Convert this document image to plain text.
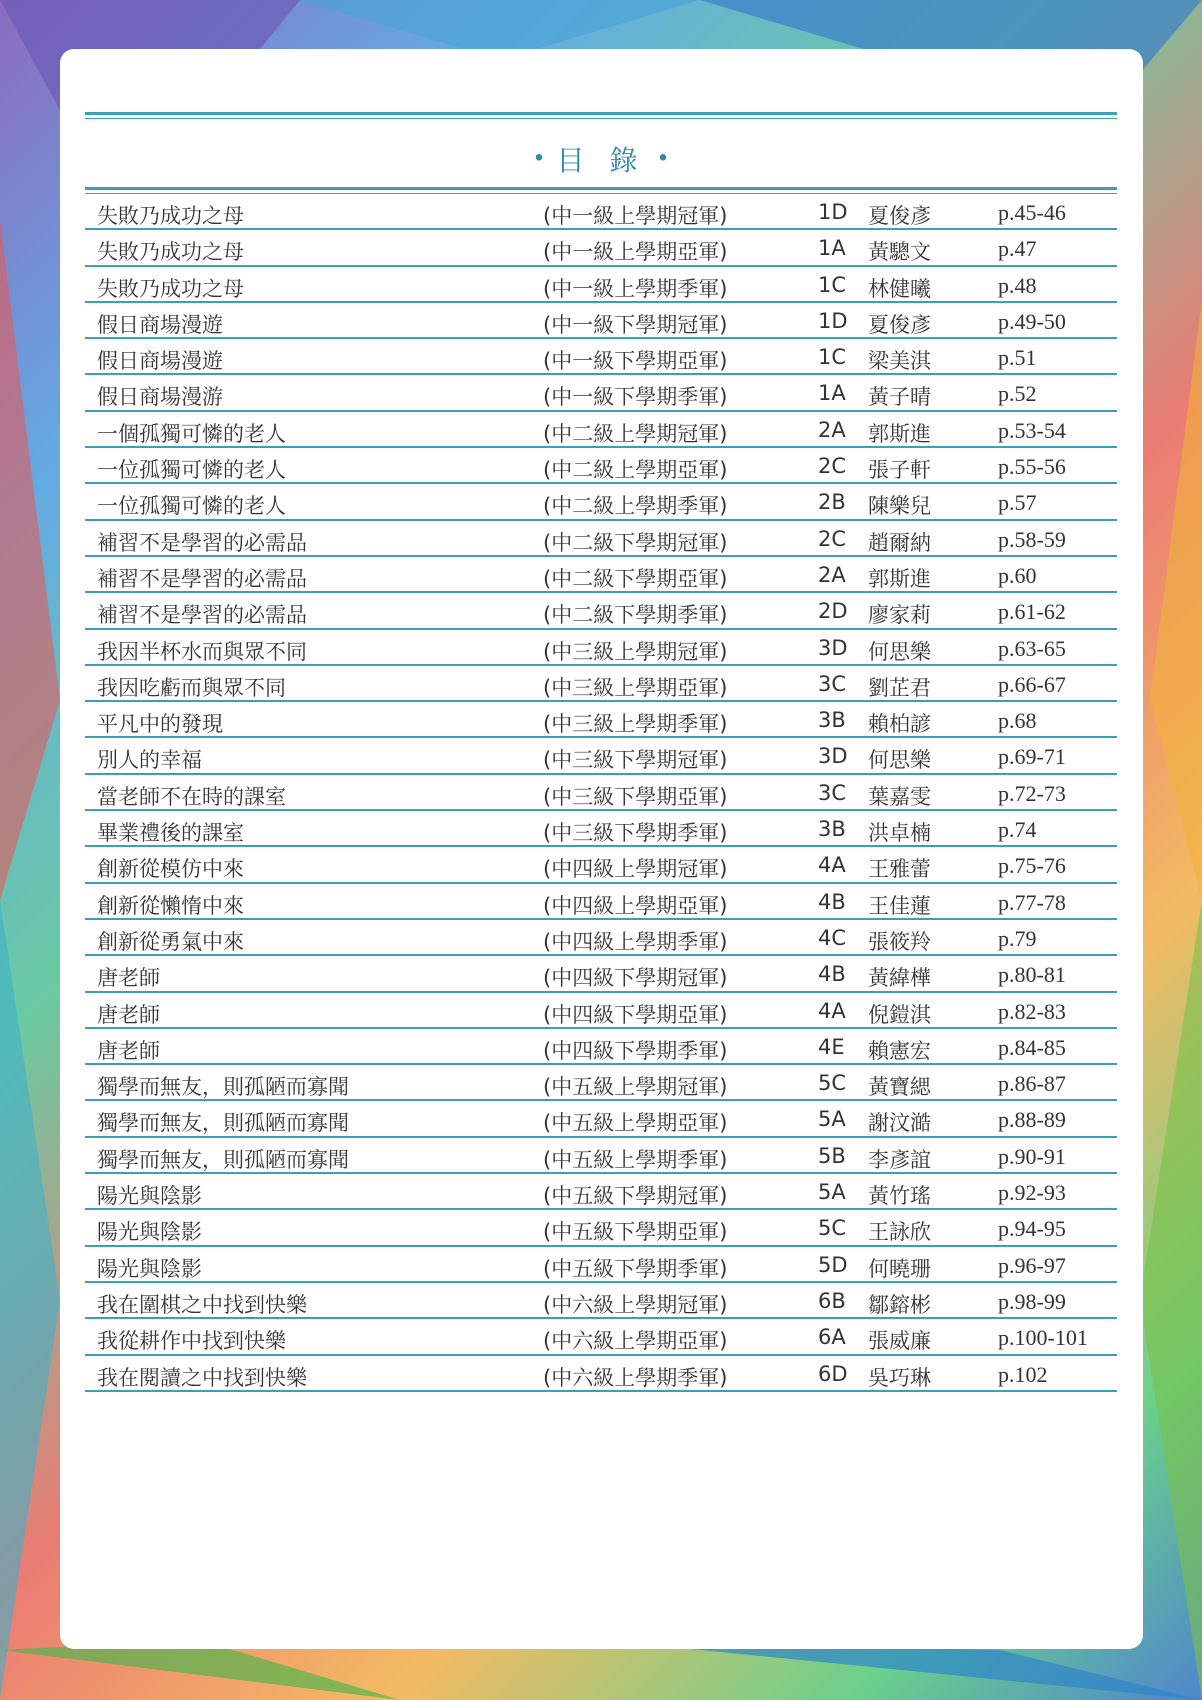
• 目 錄 •
失敗乃成功之母	(中一級上學期冠軍)	1D 夏俊彥	p.45-46
失敗乃成功之母	(中一級上學期亞軍)	1A 黃驄文	p.47
失敗乃成功之母	(中一級上學期季軍)	1C 林健曦	p.48
假日商場漫遊	(中一級下學期冠軍)	1D 夏俊彥	p.49-50
假日商場漫遊	(中一級下學期亞軍)	1C 梁美淇	p.51
假日商場漫游	(中一級下學期季軍)	1A 黃子晴	p.52
一個孤獨可憐的老人	(中二級上學期冠軍)	2A 郭斯進	p.53-54
一位孤獨可憐的老人	(中二級上學期亞軍)	2C 張子軒	p.55-56
一位孤獨可憐的老人	(中二級上學期季軍)	2B 陳樂兒	p.57
補習不是學習的必需品	(中二級下學期冠軍)	2C 趙爾納	p.58-59
補習不是學習的必需品	(中二級下學期亞軍)	2A 郭斯進	p.60
補習不是學習的必需品	(中二級下學期季軍)	2D 廖家莉	p.61-62
我因半杯水而與眾不同	(中三級上學期冠軍)	3D 何思樂	p.63-65
我因吃虧而與眾不同	(中三級上學期亞軍)	3C 劉芷君	p.66-67
平凡中的發現	(中三級上學期季軍)	3B 賴柏諺	p.68
別人的幸福	(中三級下學期冠軍)	3D 何思樂	p.69-71
當老師不在時的課室	(中三級下學期亞軍)	3C 葉嘉雯	p.72-73
畢業禮後的課室	(中三級下學期季軍)	3B 洪卓楠	p.74
創新從模仿中來	(中四級上學期冠軍)	4A 王雅蕾	p.75-76
創新從懶惰中來	(中四級上學期亞軍)	4B 王佳蓮	p.77-78
創新從勇氣中來	(中四級上學期季軍)	4C 張筱羚	p.79
唐老師	(中四級下學期冠軍)	4B 黃緯樺	p.80-81
唐老師	(中四級下學期亞軍)	4A 倪鎧淇	p.82-83
唐老師	(中四級下學期季軍)	4E 賴憲宏	p.84-85
獨學而無友，則孤陋而寡聞	(中五級上學期冠軍)	5C 黃寶緦	p.86-87
獨學而無友，則孤陋而寡聞	(中五級上學期亞軍)	5A 謝汶澔	p.88-89
獨學而無友，則孤陋而寡聞	(中五級上學期季軍)	5B 李彥誼	p.90-91
陽光與陰影	(中五級下學期冠軍)	5A 黃竹瑤	p.92-93
陽光與陰影	(中五級下學期亞軍)	5C 王詠欣	p.94-95
陽光與陰影	(中五級下學期季軍)	5D 何曉珊	p.96-97
我在圍棋之中找到快樂	(中六級上學期冠軍)	6B 鄒鎔彬	p.98-99
我從耕作中找到快樂	(中六級上學期亞軍)	6A 張威廉	p.100-101
我在閱讀之中找到快樂	(中六級上學期季軍)	6D 吳巧琳	p.102
